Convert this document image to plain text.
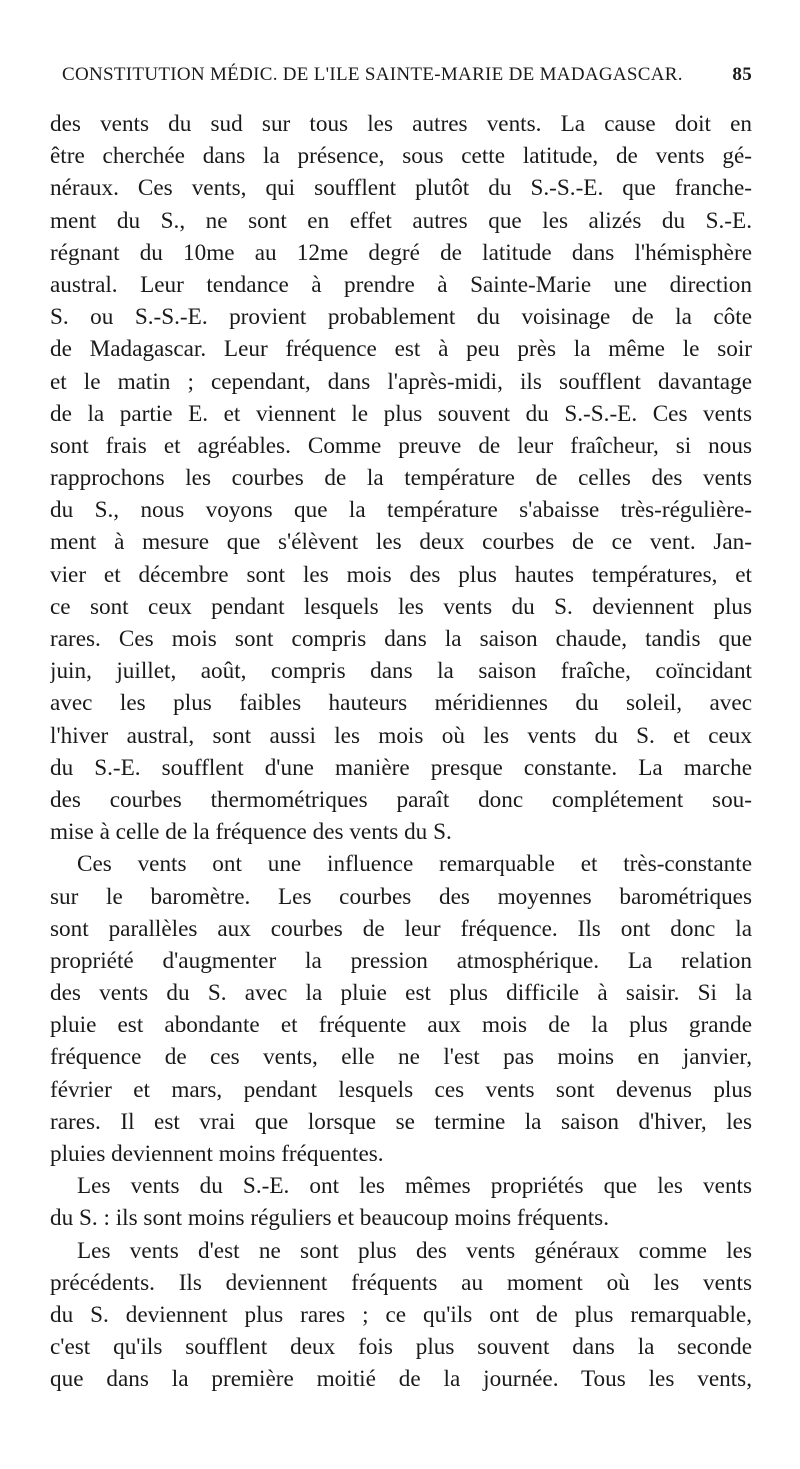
CONSTITUTION MÉDIC. DE L'ILE SAINTE-MARIE DE MADAGASCAR.	85
des vents du sud sur tous les autres vents. La cause doit en
être cherchée dans la présence, sous cette latitude, de vents gé-
néraux. Ces vents, qui soufflent plutôt du S.-S.-E. que franche-
ment du S., ne sont en effet autres que les alizés du S.-E.
régnant du 10me au 12me degré de latitude dans l'hémisphère
austral. Leur tendance à prendre à Sainte-Marie une direction
S. ou S.-S.-E. provient probablement du voisinage de la côte
de Madagascar. Leur fréquence est à peu près la même le soir
et le matin ; cependant, dans l'après-midi, ils soufflent davantage
de la partie E. et viennent le plus souvent du S.-S.-E. Ces vents
sont frais et agréables. Comme preuve de leur fraîcheur, si nous
rapprochons les courbes de la température de celles des vents
du S., nous voyons que la température s'abaisse très-régulière-
ment à mesure que s'élèvent les deux courbes de ce vent. Jan-
vier et décembre sont les mois des plus hautes températures, et
ce sont ceux pendant lesquels les vents du S. deviennent plus
rares. Ces mois sont compris dans la saison chaude, tandis que
juin, juillet, août, compris dans la saison fraîche, coïncidant
avec les plus faibles hauteurs méridiennes du soleil, avec
l'hiver austral, sont aussi les mois où les vents du S. et ceux
du S.-E. soufflent d'une manière presque constante. La marche
des courbes thermométriques paraît donc complétement sou-
mise à celle de la fréquence des vents du S.
Ces vents ont une influence remarquable et très-constante
sur le baromètre. Les courbes des moyennes barométriques
sont parallèles aux courbes de leur fréquence. Ils ont donc la
propriété d'augmenter la pression atmosphérique. La relation
des vents du S. avec la pluie est plus difficile à saisir. Si la
pluie est abondante et fréquente aux mois de la plus grande
fréquence de ces vents, elle ne l'est pas moins en janvier,
février et mars, pendant lesquels ces vents sont devenus plus
rares. Il est vrai que lorsque se termine la saison d'hiver, les
pluies deviennent moins fréquentes.
Les vents du S.-E. ont les mêmes propriétés que les vents
du S. : ils sont moins réguliers et beaucoup moins fréquents.
Les vents d'est ne sont plus des vents généraux comme les
précédents. Ils deviennent fréquents au moment où les vents
du S. deviennent plus rares ; ce qu'ils ont de plus remarquable,
c'est qu'ils soufflent deux fois plus souvent dans la seconde
que dans la première moitié de la journée. Tous les vents,
